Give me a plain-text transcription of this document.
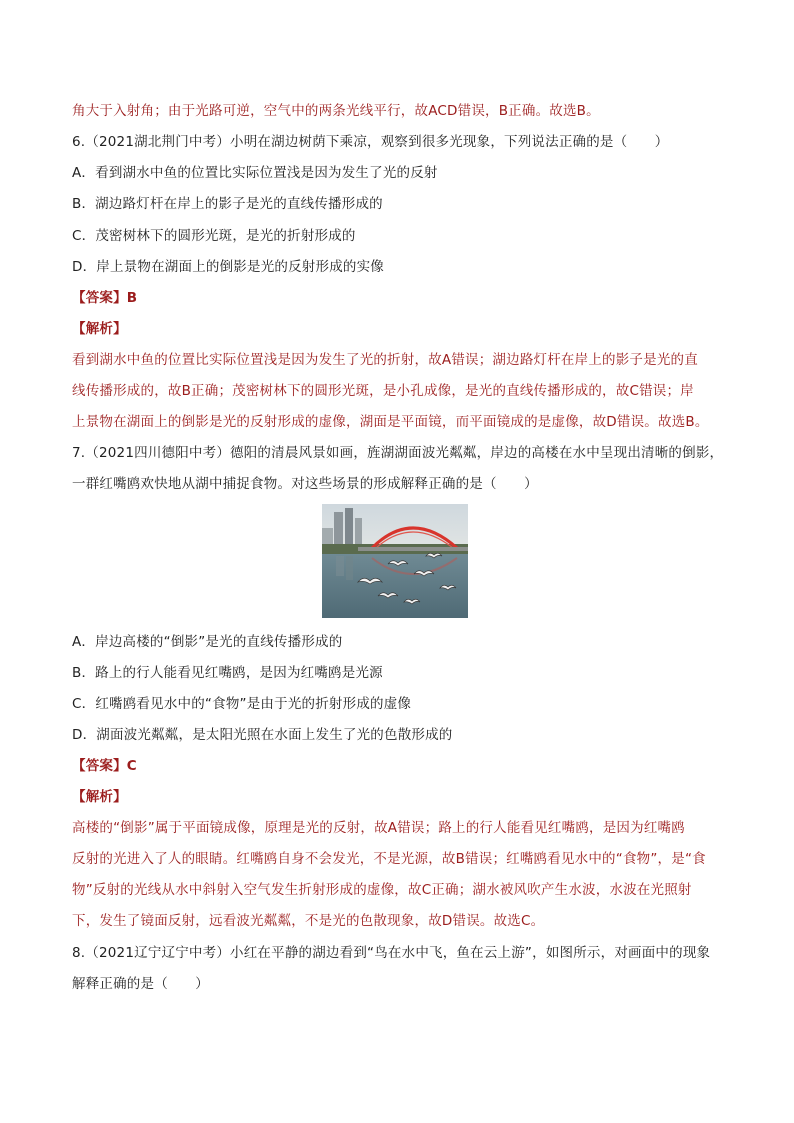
角大于入射角；由于光路可逆，空气中的两条光线平行，故ACD错误，B正确。故选B。
6.（2021湖北荆门中考）小明在湖边树荫下乘凉，观察到很多光现象，下列说法正确的是（　　）
A．看到湖水中鱼的位置比实际位置浅是因为发生了光的反射
B．湖边路灯杆在岸上的影子是光的直线传播形成的
C．茂密树林下的圆形光斑，是光的折射形成的
D．岸上景物在湖面上的倒影是光的反射形成的实像
【答案】B
【解析】
看到湖水中鱼的位置比实际位置浅是因为发生了光的折射，故A错误；湖边路灯杆在岸上的影子是光的直
线传播形成的，故B正确；茂密树林下的圆形光斑，是小孔成像，是光的直线传播形成的，故C错误；岸
上景物在湖面上的倒影是光的反射形成的虚像，湖面是平面镜，而平面镜成的是虚像，故D错误。故选B。
7.（2021四川德阳中考）德阳的清晨风景如画，旌湖湖面波光粼粼，岸边的高楼在水中呈现出清晰的倒影，
一群红嘴鸥欢快地从湖中捕捉食物。对这些场景的形成解释正确的是（　　）
A．岸边高楼的“倒影”是光的直线传播形成的
B．路上的行人能看见红嘴鸥，是因为红嘴鸥是光源
C．红嘴鸥看见水中的“食物”是由于光的折射形成的虚像
D．湖面波光粼粼，是太阳光照在水面上发生了光的色散形成的
【答案】C
【解析】
高楼的“倒影”属于平面镜成像，原理是光的反射，故A错误；路上的行人能看见红嘴鸥，是因为红嘴鸥
反射的光进入了人的眼睛。红嘴鸥自身不会发光，不是光源，故B错误；红嘴鸥看见水中的“食物”，是“食
物”反射的光线从水中斜射入空气发生折射形成的虚像，故C正确；湖水被风吹产生水波，水波在光照射
下，发生了镜面反射，远看波光粼粼，不是光的色散现象，故D错误。故选C。
8.（2021辽宁辽宁中考）小红在平静的湖边看到“鸟在水中飞，鱼在云上游”，如图所示，对画面中的现象
解释正确的是（　　）
